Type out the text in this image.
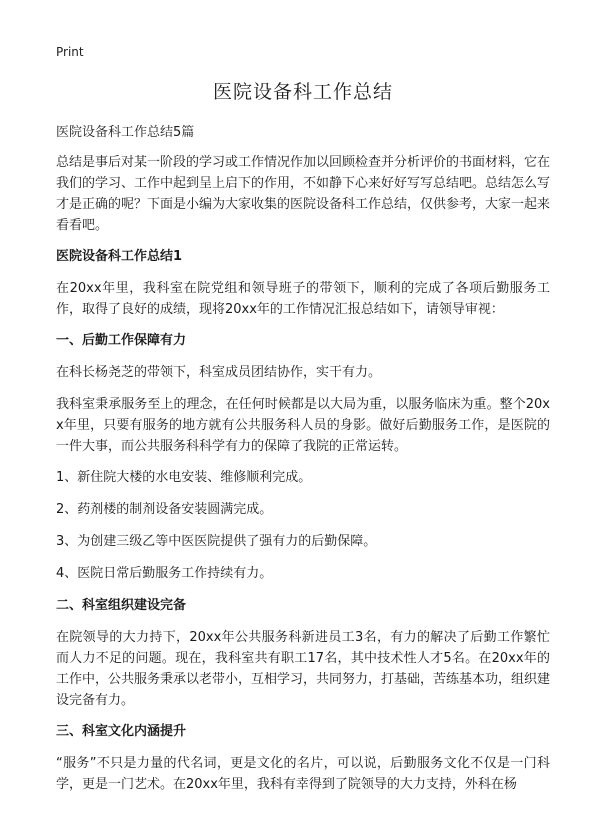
Print
医院设备科工作总结

医院设备科工作总结5篇

总结是事后对某一阶段的学习或工作情况作加以回顾检查并分析评价的书面材料，它在我们的学习、工作中起到呈上启下的作用，不如静下心来好好写写总结吧。总结怎么写才是正确的呢？下面是小编为大家收集的医院设备科工作总结，仅供参考，大家一起来看看吧。

医院设备科工作总结1

在20xx年里，我科室在院党组和领导班子的带领下，顺利的完成了各项后勤服务工作，取得了良好的成绩，现将20xx年的工作情况汇报总结如下，请领导审视：

一、后勤工作保障有力

在科长杨尧芝的带领下，科室成员团结协作，实干有力。

我科室秉承服务至上的理念，在任何时候都是以大局为重，以服务临床为重。整个20xx年里，只要有服务的地方就有公共服务科人员的身影。做好后勤服务工作，是医院的一件大事，而公共服务科科学有力的保障了我院的正常运转。

1、新住院大楼的水电安装、维修顺利完成。
2、药剂楼的制剂设备安装圆满完成。
3、为创建三级乙等中医医院提供了强有力的后勤保障。
4、医院日常后勤服务工作持续有力。
二、科室组织建设完备

在院领导的大力持下，20xx年公共服务科新进员工3名，有力的解决了后勤工作繁忙而人力不足的问题。现在，我科室共有职工17名，其中技术性人才5名。在20xx年的工作中，公共服务秉承以老带小，互相学习，共同努力，打基础，苦练基本功，组织建设完备有力。

三、科室文化内涵提升

“服务”不只是力量的代名词，更是文化的名片，可以说，后勤服务文化不仅是一门科学，更是一门艺术。在20xx年里，我科有幸得到了院领导的大力支持，外科在杨
